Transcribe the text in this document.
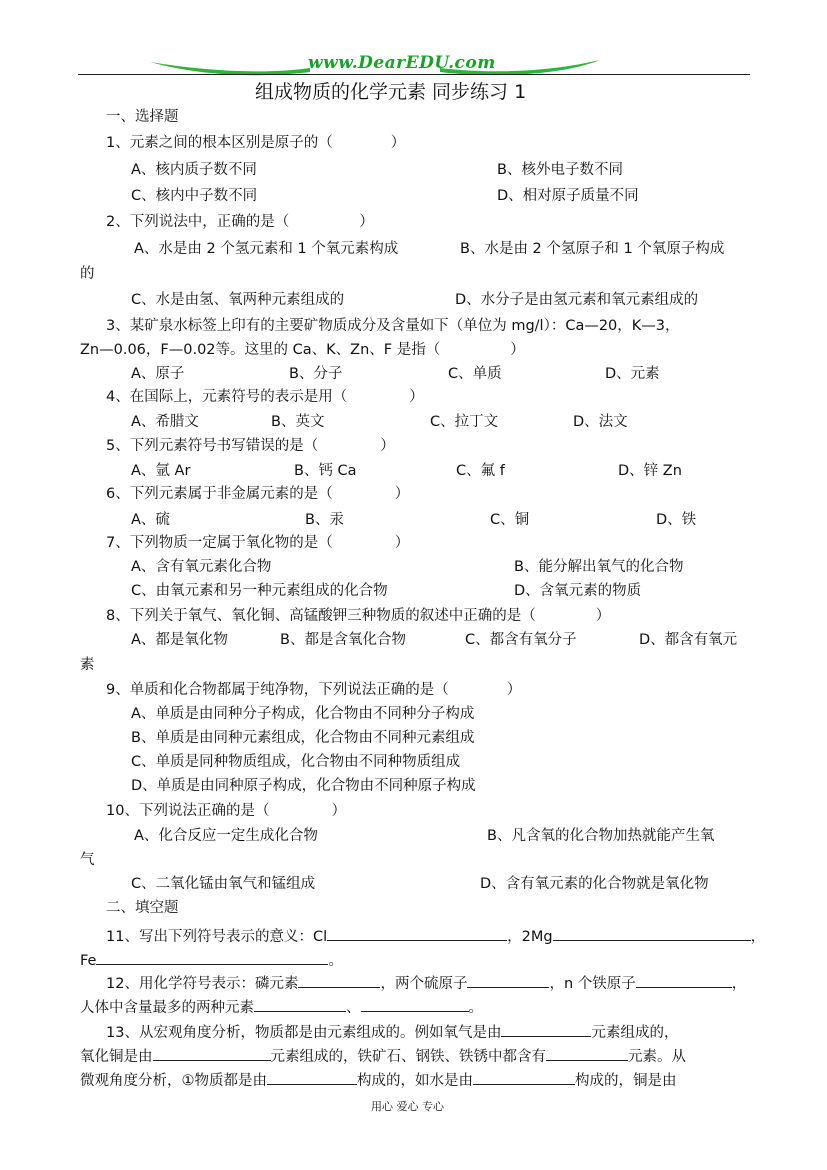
www.DearEDU.com
组成物质的化学元素 同步练习 1
一、选择题
1、元素之间的根本区别是原子的（	）
A、核内质子数不同	B、核外电子数不同
C、核内中子数不同	D、相对原子质量不同
2、下列说法中，正确的是（	）
A、水是由 2 个氢元素和 1 个氧元素构成	B、水是由 2 个氢原子和 1 个氧原子构成
的
C、水是由氢、氧两种元素组成的	D、水分子是由氢元素和氧元素组成的
3、某矿泉水标签上印有的主要矿物质成分及含量如下（单位为 mg/l）：Ca—20，K—3，
Zn—0.06，F—0.02等。这里的 Ca、K、Zn、F 是指（	）
A、原子	B、分子	C、单质	D、元素
4、在国际上，元素符号的表示是用（	）
A、希腊文	B、英文	C、拉丁文	D、法文
5、下列元素符号书写错误的是（	）
A、氩 Ar	B、钙 Ca	C、氟 f	D、锌 Zn
6、下列元素属于非金属元素的是（	）
A、硫	B、汞	C、铜	D、铁
7、下列物质一定属于氧化物的是（	）
A、含有氧元素化合物	B、能分解出氧气的化合物
C、由氧元素和另一种元素组成的化合物	D、含氧元素的物质
8、下列关于氧气、氧化铜、高锰酸钾三种物质的叙述中正确的是（	）
A、都是氧化物	B、都是含氧化合物	C、都含有氧分子	D、都含有氧元
素
9、单质和化合物都属于纯净物，下列说法正确的是（	）
A、单质是由同种分子构成，化合物由不同种分子构成
B、单质是由同种元素组成，化合物由不同种元素组成
C、单质是同种物质组成，化合物由不同种物质组成
D、单质是由同种原子构成，化合物由不同种原子构成
10、下列说法正确的是（	）
A、化合反应一定生成化合物	B、凡含氧的化合物加热就能产生氧
气
C、二氧化锰由氧气和锰组成	D、含有氧元素的化合物就是氧化物
二、填空题
11、写出下列符号表示的意义：Cl	，2Mg	，
Fe	。
12、用化学符号表示：磷元素	，两个硫原子	，n 个铁原子	，
人体中含量最多的两种元素	、	。
13、从宏观角度分析，物质都是由元素组成的。例如氧气是由	元素组成的，
氧化铜是由	元素组成的，铁矿石、钢铁、铁锈中都含有	元素。从
微观角度分析，①物质都是由	构成的，如水是由	构成的，铜是由
用心 爱心 专心
